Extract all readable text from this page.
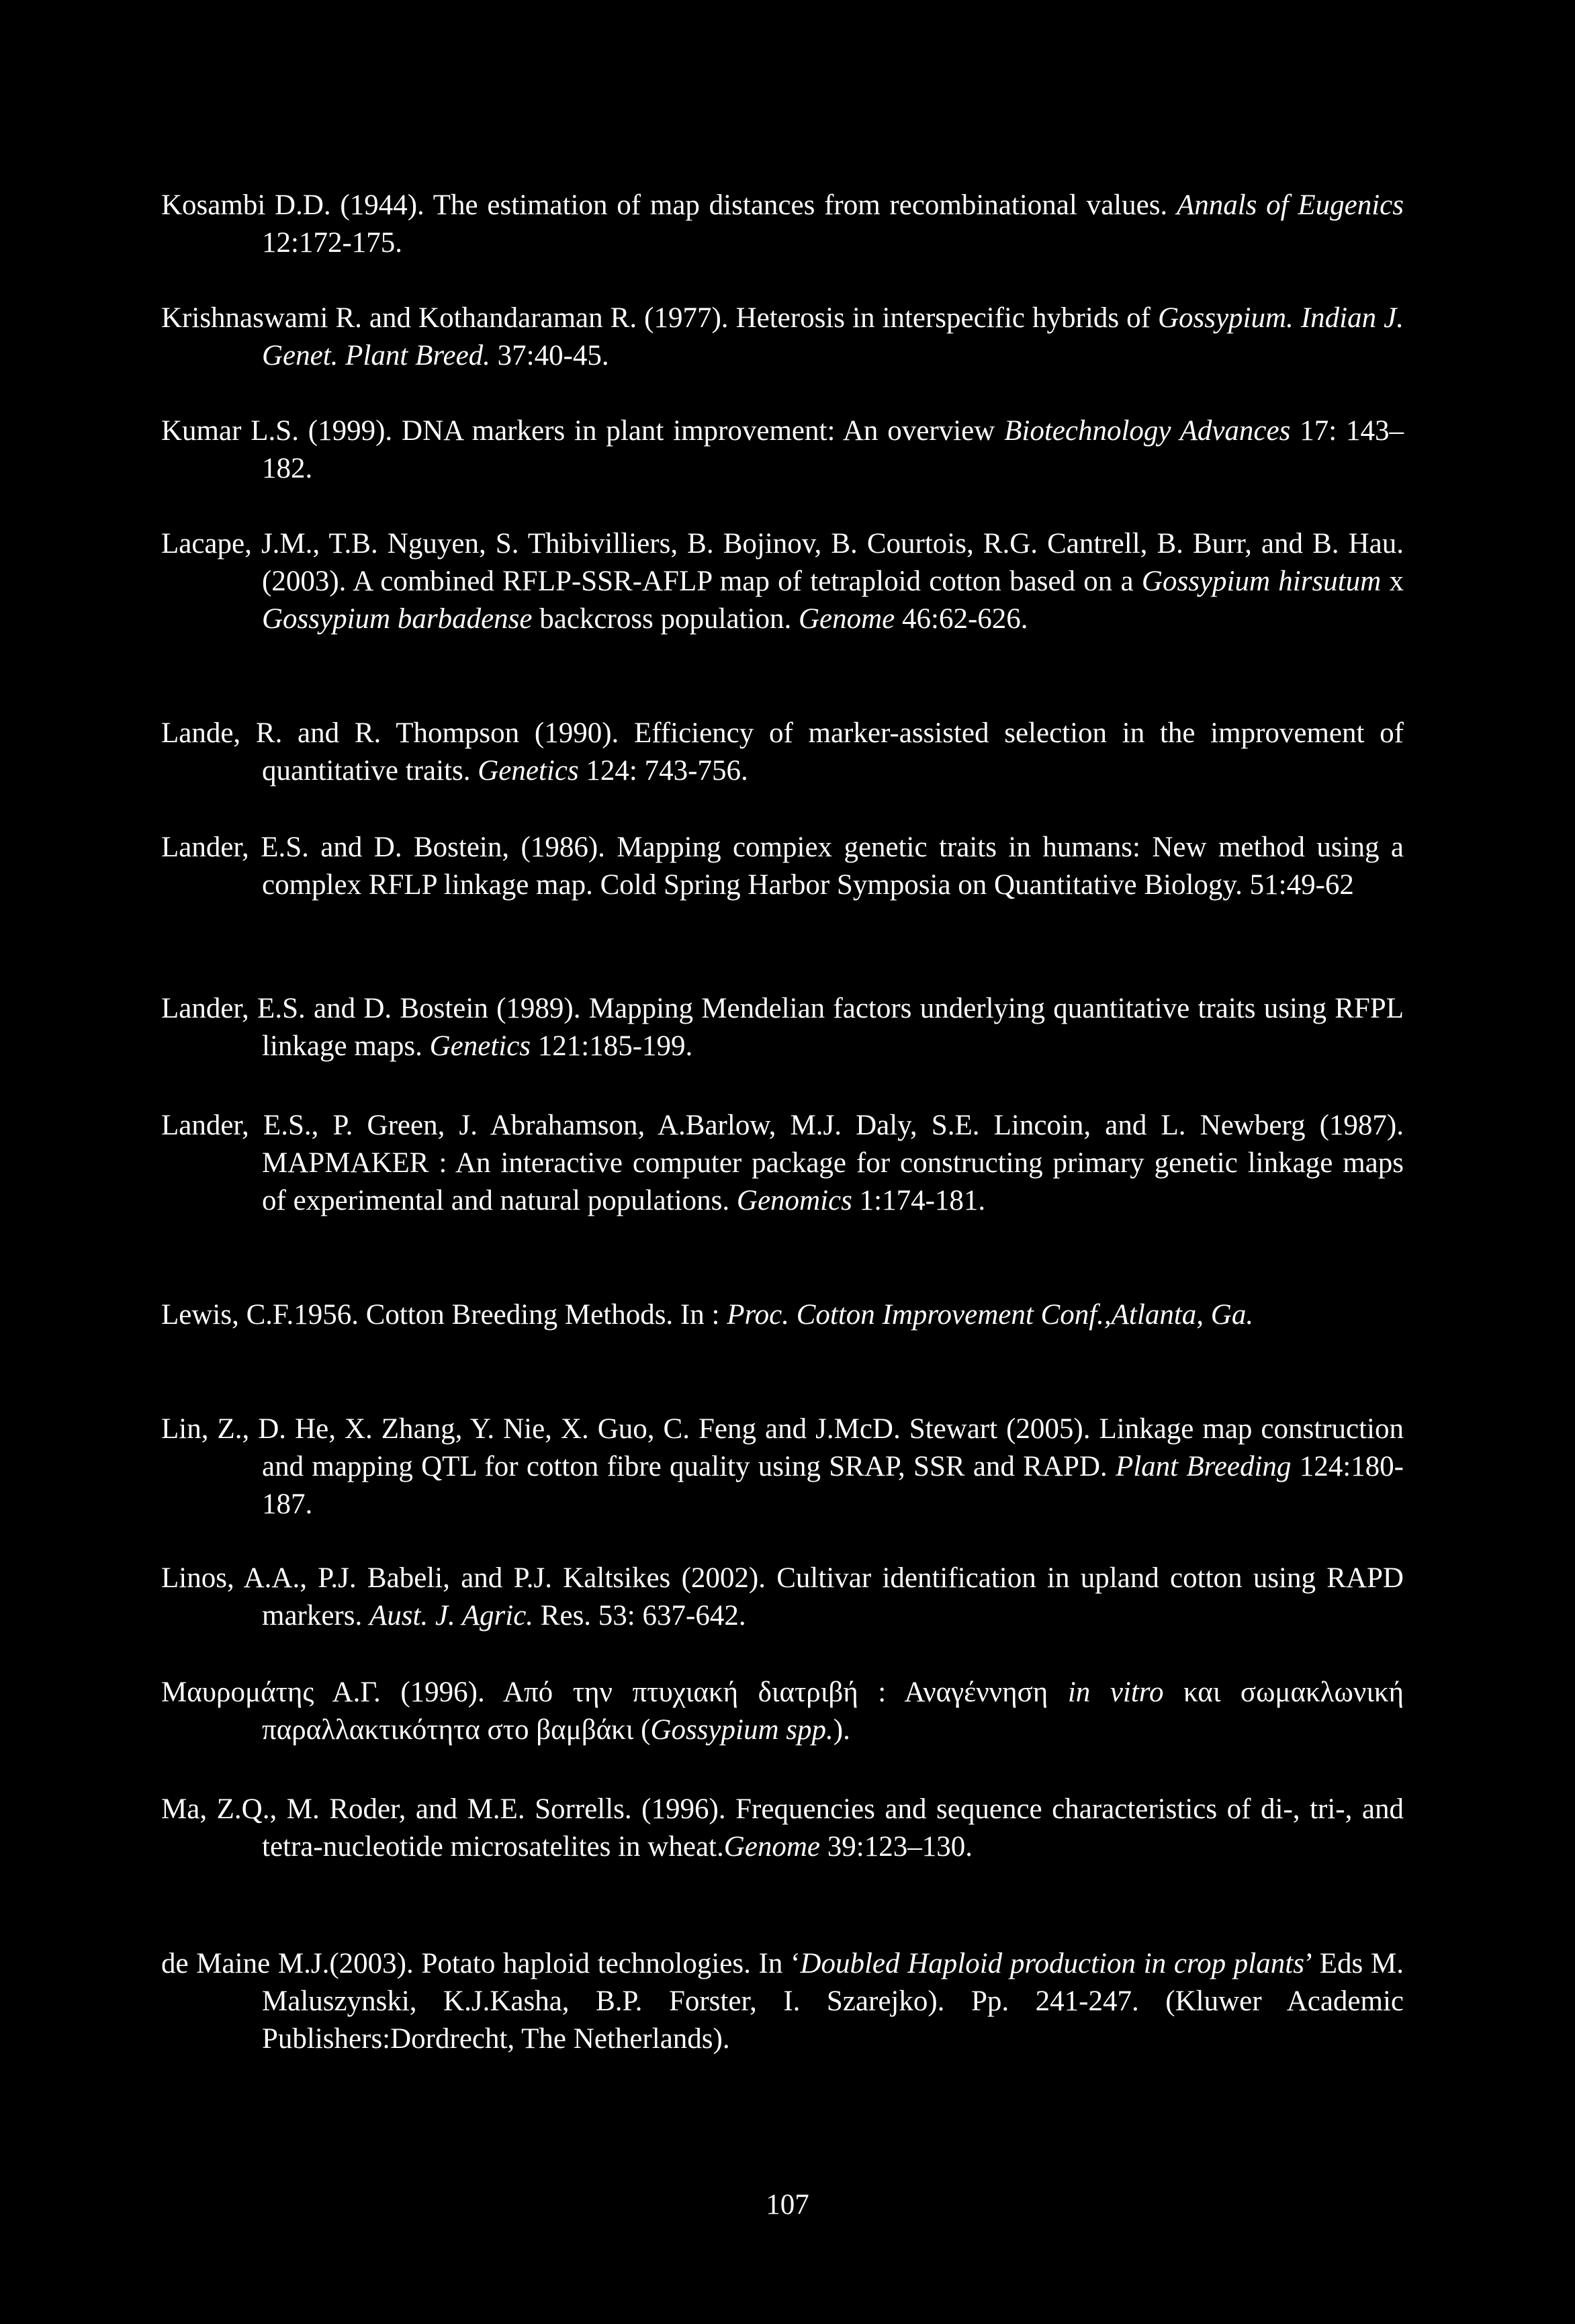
Kosambi D.D. (1944). The estimation of map distances from recombinational values. Annals of Eugenics 12:172-175.
Krishnaswami R. and Kothandaraman R. (1977). Heterosis in interspecific hybrids of Gossypium. Indian J. Genet. Plant Breed. 37:40-45.
Kumar L.S. (1999). DNA markers in plant improvement: An overview Biotechnology Advances 17: 143–182.
Lacape, J.M., T.B. Nguyen, S. Thibivilliers, B. Bojinov, B. Courtois, R.G. Cantrell, B. Burr, and B. Hau.(2003). A combined RFLP-SSR-AFLP map of tetraploid cotton based on a Gossypium hirsutum x Gossypium barbadense backcross population. Genome 46:62-626.
Lande, R. and R. Thompson (1990). Efficiency of marker-assisted selection in the improvement of quantitative traits. Genetics 124: 743-756.
Lander, E.S. and D. Bostein, (1986). Mapping compiex genetic traits in humans: New method using a complex RFLP linkage map. Cold Spring Harbor Symposia on Quantitative Biology. 51:49-62
Lander, E.S. and D. Bostein (1989). Mapping Mendelian factors underlying quantitative traits using RFPL linkage maps. Genetics 121:185-199.
Lander, E.S., P. Green, J. Abrahamson, A.Barlow, M.J. Daly, S.E. Lincoin, and L. Newberg (1987). MAPMAKER : An interactive computer package for constructing primary genetic linkage maps of experimental and natural populations. Genomics 1:174-181.
Lewis, C.F.1956. Cotton Breeding Methods. In : Proc. Cotton Improvement Conf.,Atlanta, Ga.
Lin, Z., D. He, X. Zhang, Y. Nie, X. Guo, C. Feng and J.McD. Stewart (2005). Linkage map construction and mapping QTL for cotton fibre quality using SRAP, SSR and RAPD. Plant Breeding 124:180-187.
Linos, A.A., P.J. Babeli, and P.J. Kaltsikes (2002). Cultivar identification in upland cotton using RAPD markers. Aust. J. Agric. Res. 53: 637-642.
Μαυρομάτης Α.Γ. (1996). Από την πτυχιακή διατριβή : Αναγέννηση in vitro και σωμακλωνική παραλλακτικότητα στο βαμβάκι (Gossypium spp.).
Ma, Z.Q., M. Roder, and M.E. Sorrells. (1996). Frequencies and sequence characteristics of di-, tri-, and tetra-nucleotide microsatelites in wheat.Genome 39:123–130.
de Maine M.J.(2003). Potato haploid technologies. In ‘Doubled Haploid production in crop plants’ Eds M. Maluszynski, K.J.Kasha, B.P. Forster, I. Szarejko). Pp. 241-247. (Kluwer Academic Publishers:Dordrecht, The Netherlands).
107
